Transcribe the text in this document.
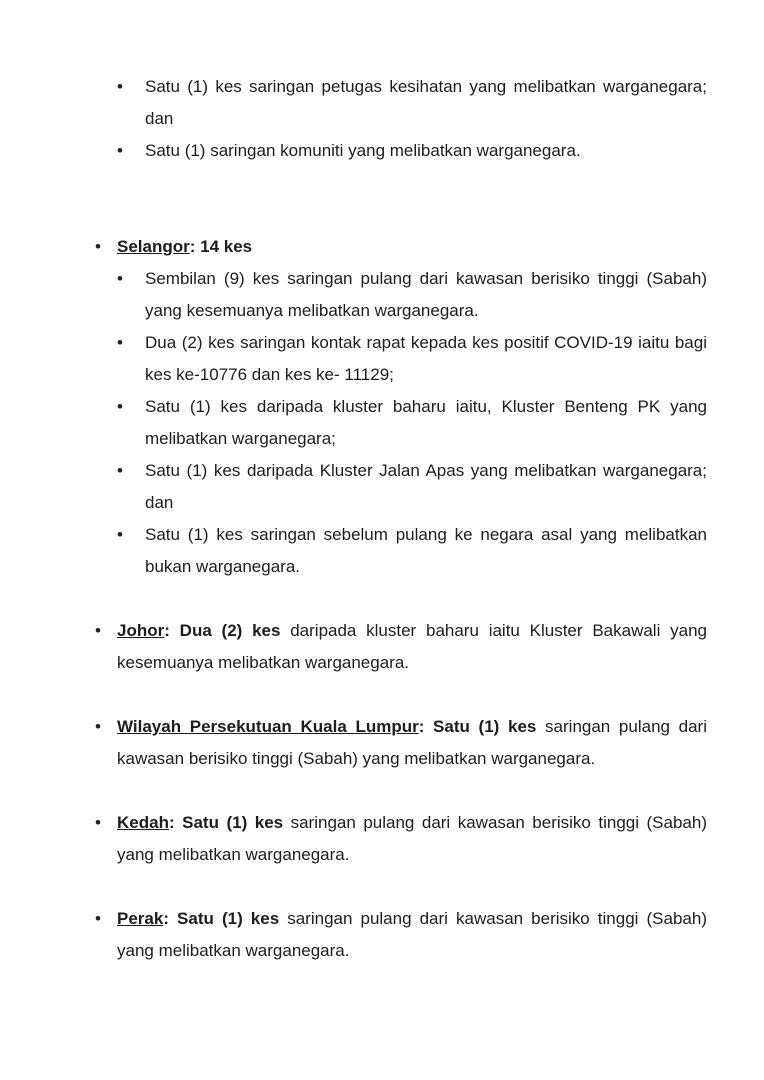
•	Satu (1) kes saringan petugas kesihatan yang melibatkan warganegara; dan
•	Satu (1) saringan komuniti yang melibatkan warganegara.
• Selangor: 14 kes
•	Sembilan (9) kes saringan pulang dari kawasan berisiko tinggi (Sabah) yang kesemuanya melibatkan warganegara.
•	Dua (2) kes saringan kontak rapat kepada kes positif COVID-19 iaitu bagi kes ke-10776 dan kes ke- 11129;
•	Satu (1) kes daripada kluster baharu iaitu, Kluster Benteng PK yang melibatkan warganegara;
•	Satu (1) kes daripada Kluster Jalan Apas yang melibatkan warganegara; dan
•	Satu (1) kes saringan sebelum pulang ke negara asal yang melibatkan bukan warganegara.
• Johor: Dua (2) kes daripada kluster baharu iaitu Kluster Bakawali yang kesemuanya melibatkan warganegara.
• Wilayah Persekutuan Kuala Lumpur: Satu (1) kes saringan pulang dari kawasan berisiko tinggi (Sabah) yang melibatkan warganegara.
• Kedah: Satu (1) kes saringan pulang dari kawasan berisiko tinggi (Sabah) yang melibatkan warganegara.
• Perak: Satu (1) kes saringan pulang dari kawasan berisiko tinggi (Sabah) yang melibatkan warganegara.
